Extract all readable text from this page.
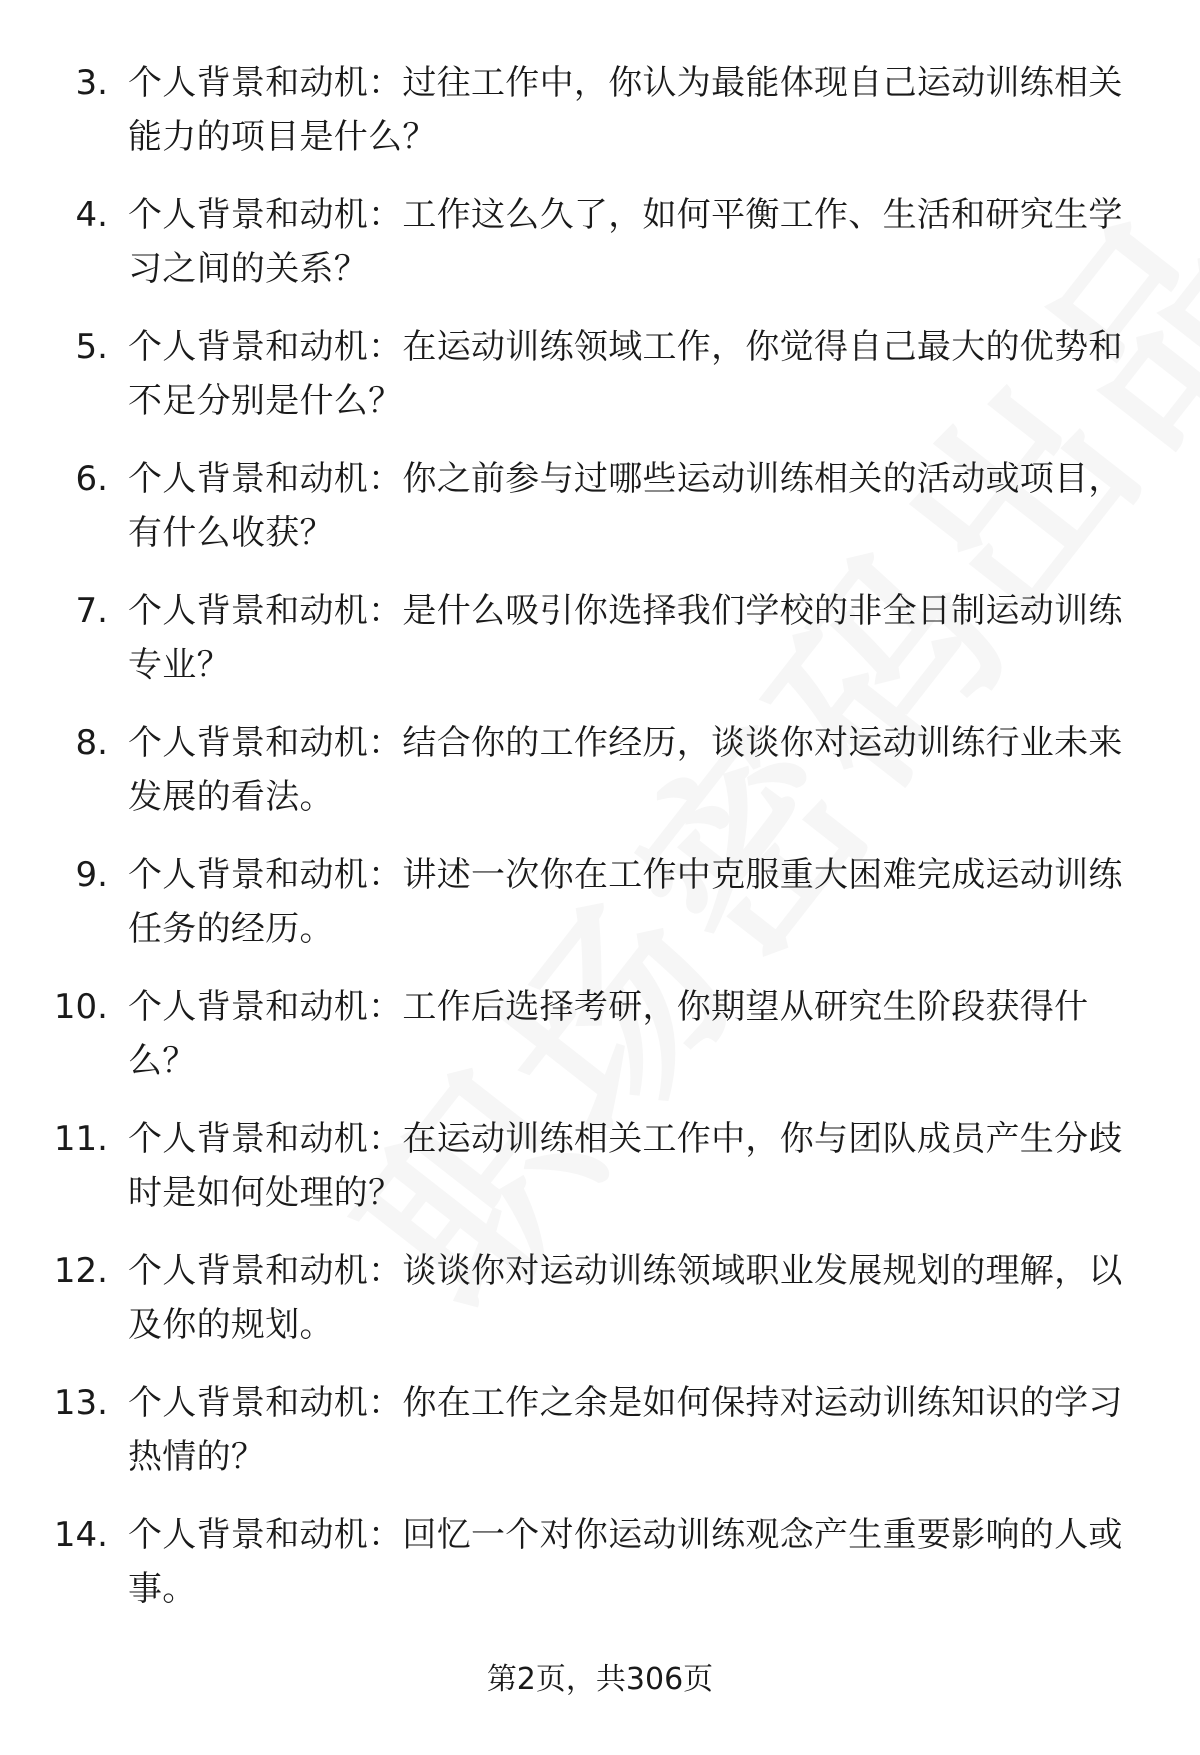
3. 个人背景和动机：过往工作中，你认为最能体现自己运动训练相关能力的项目是什么？
4. 个人背景和动机：工作这么久了，如何平衡工作、生活和研究生学习之间的关系？
5. 个人背景和动机：在运动训练领域工作，你觉得自己最大的优势和不足分别是什么？
6. 个人背景和动机：你之前参与过哪些运动训练相关的活动或项目，有什么收获？
7. 个人背景和动机：是什么吸引你选择我们学校的非全日制运动训练专业？
8. 个人背景和动机：结合你的工作经历，谈谈你对运动训练行业未来发展的看法。
9. 个人背景和动机：讲述一次你在工作中克服重大困难完成运动训练任务的经历。
10. 个人背景和动机：工作后选择考研，你期望从研究生阶段获得什么？
11. 个人背景和动机：在运动训练相关工作中，你与团队成员产生分歧时是如何处理的？
12. 个人背景和动机：谈谈你对运动训练领域职业发展规划的理解，以及你的规划。
13. 个人背景和动机：你在工作之余是如何保持对运动训练知识的学习热情的？
14. 个人背景和动机：回忆一个对你运动训练观念产生重要影响的人或事。
第2页，共306页
